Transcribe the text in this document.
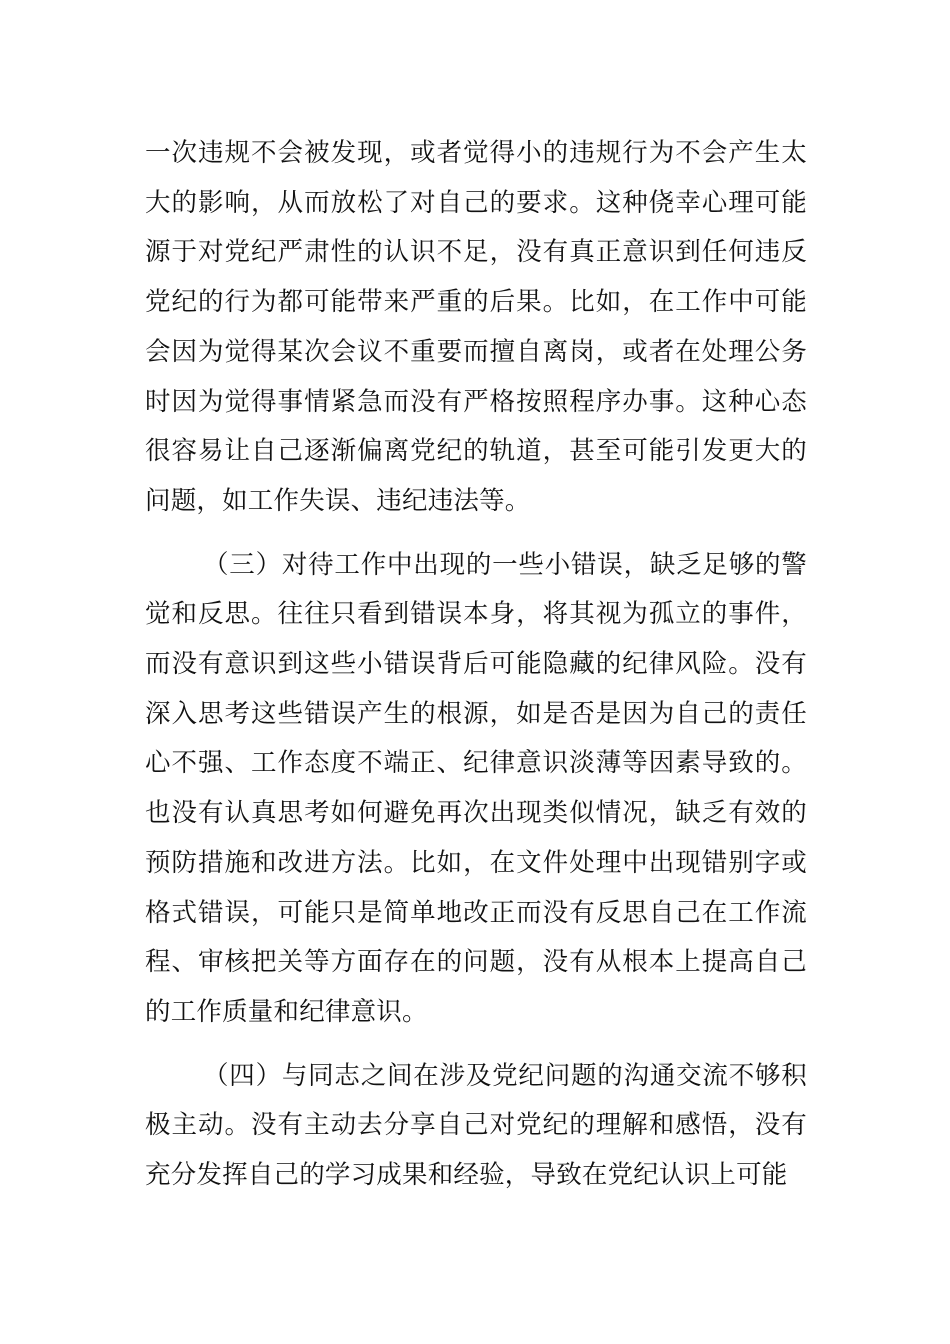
一次违规不会被发现，或者觉得小的违规行为不会产生太大的影响，从而放松了对自己的要求。这种侥幸心理可能源于对党纪严肃性的认识不足，没有真正意识到任何违反党纪的行为都可能带来严重的后果。比如，在工作中可能会因为觉得某次会议不重要而擅自离岗，或者在处理公务时因为觉得事情紧急而没有严格按照程序办事。这种心态很容易让自己逐渐偏离党纪的轨道，甚至可能引发更大的问题，如工作失误、违纪违法等。

（三）对待工作中出现的一些小错误，缺乏足够的警觉和反思。往往只看到错误本身，将其视为孤立的事件，而没有意识到这些小错误背后可能隐藏的纪律风险。没有深入思考这些错误产生的根源，如是否是因为自己的责任心不强、工作态度不端正、纪律意识淡薄等因素导致的。也没有认真思考如何避免再次出现类似情况，缺乏有效的预防措施和改进方法。比如，在文件处理中出现错别字或格式错误，可能只是简单地改正而没有反思自己在工作流程、审核把关等方面存在的问题，没有从根本上提高自己的工作质量和纪律意识。

（四）与同志之间在涉及党纪问题的沟通交流不够积极主动。没有主动去分享自己对党纪的理解和感悟，没有充分发挥自己的学习成果和经验，导致在党纪认识上可能
